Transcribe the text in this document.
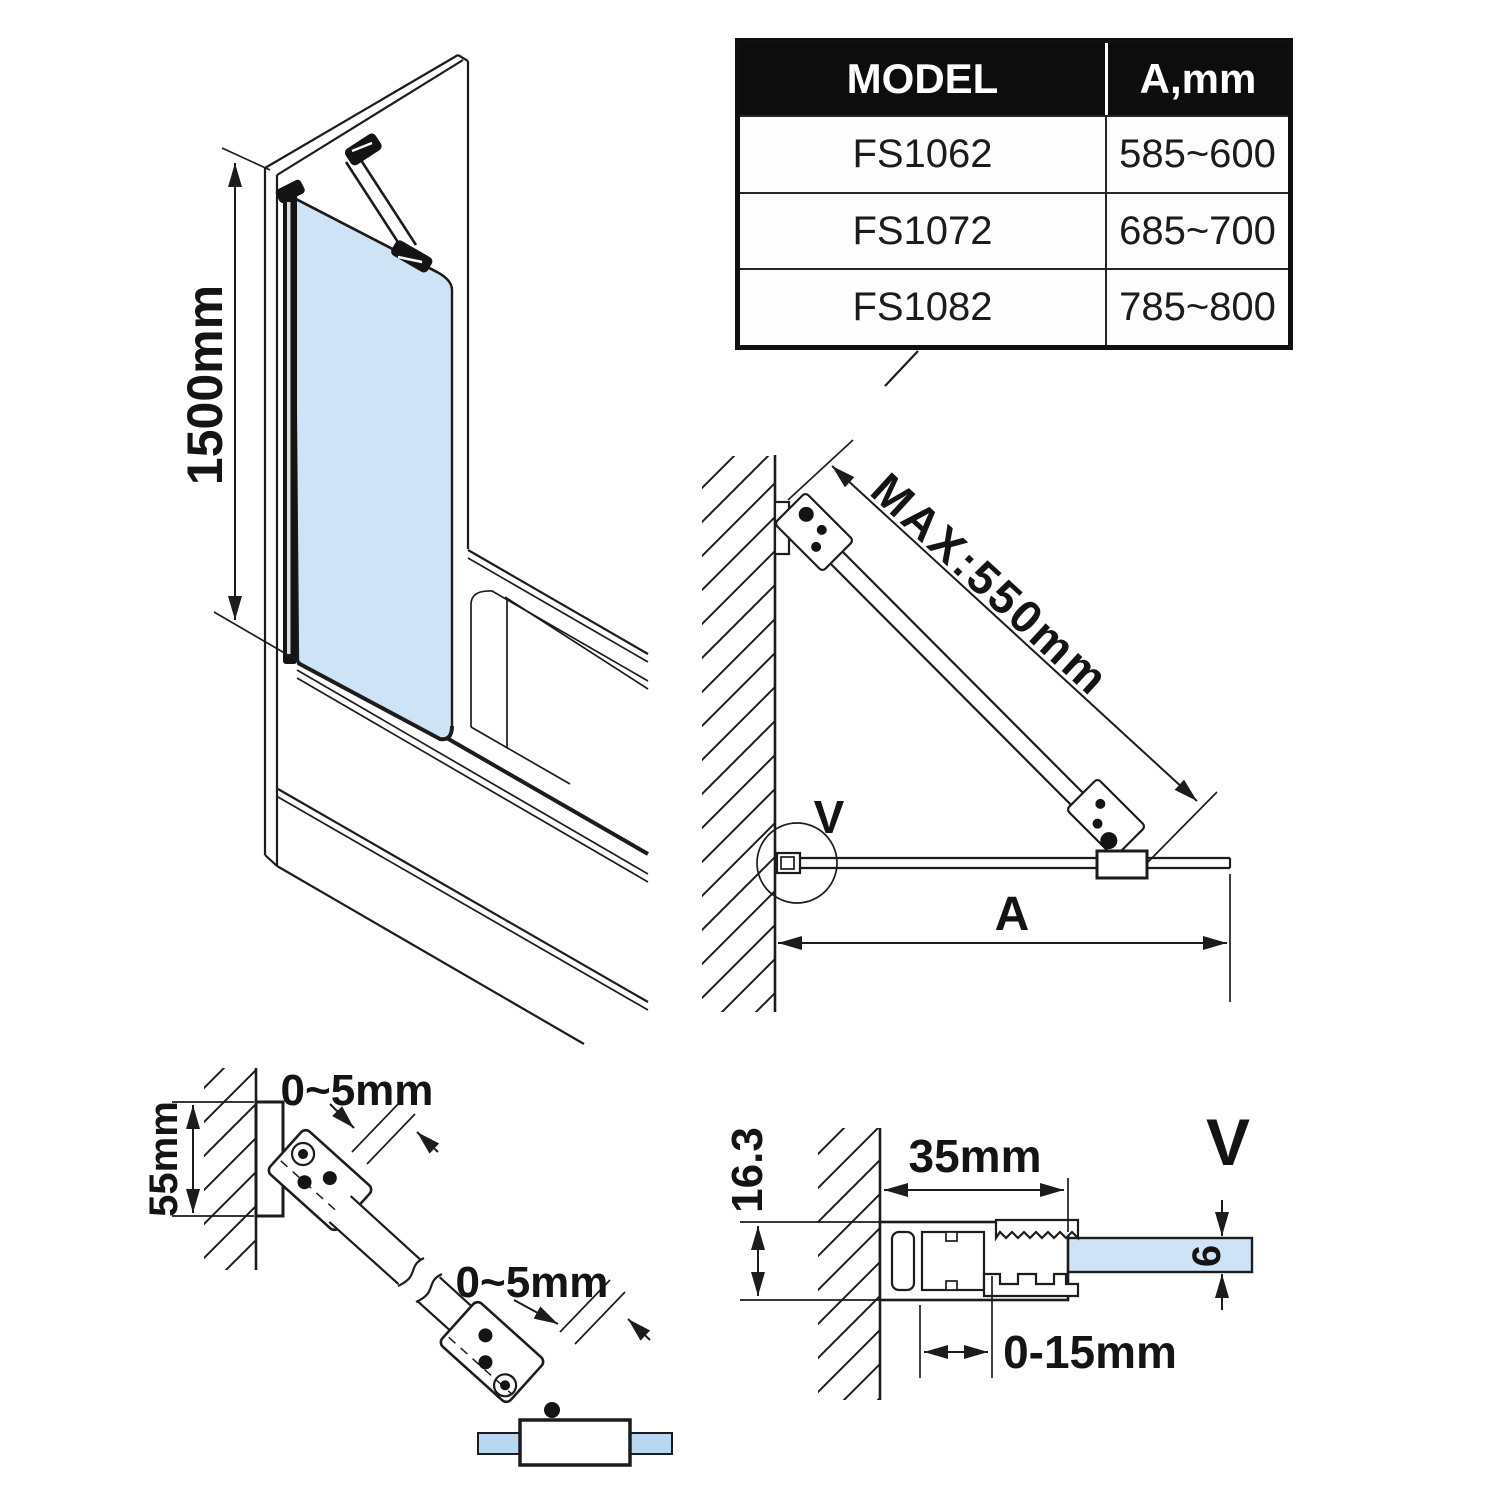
1500mm
MAX:550mm
A
V
55mm
0~5mm
0~5mm
16.3	35mm
6
0-15mm
V
MODEL	A,mm
FS1062	585~600
FS1072	685~700
FS1082	785~800
